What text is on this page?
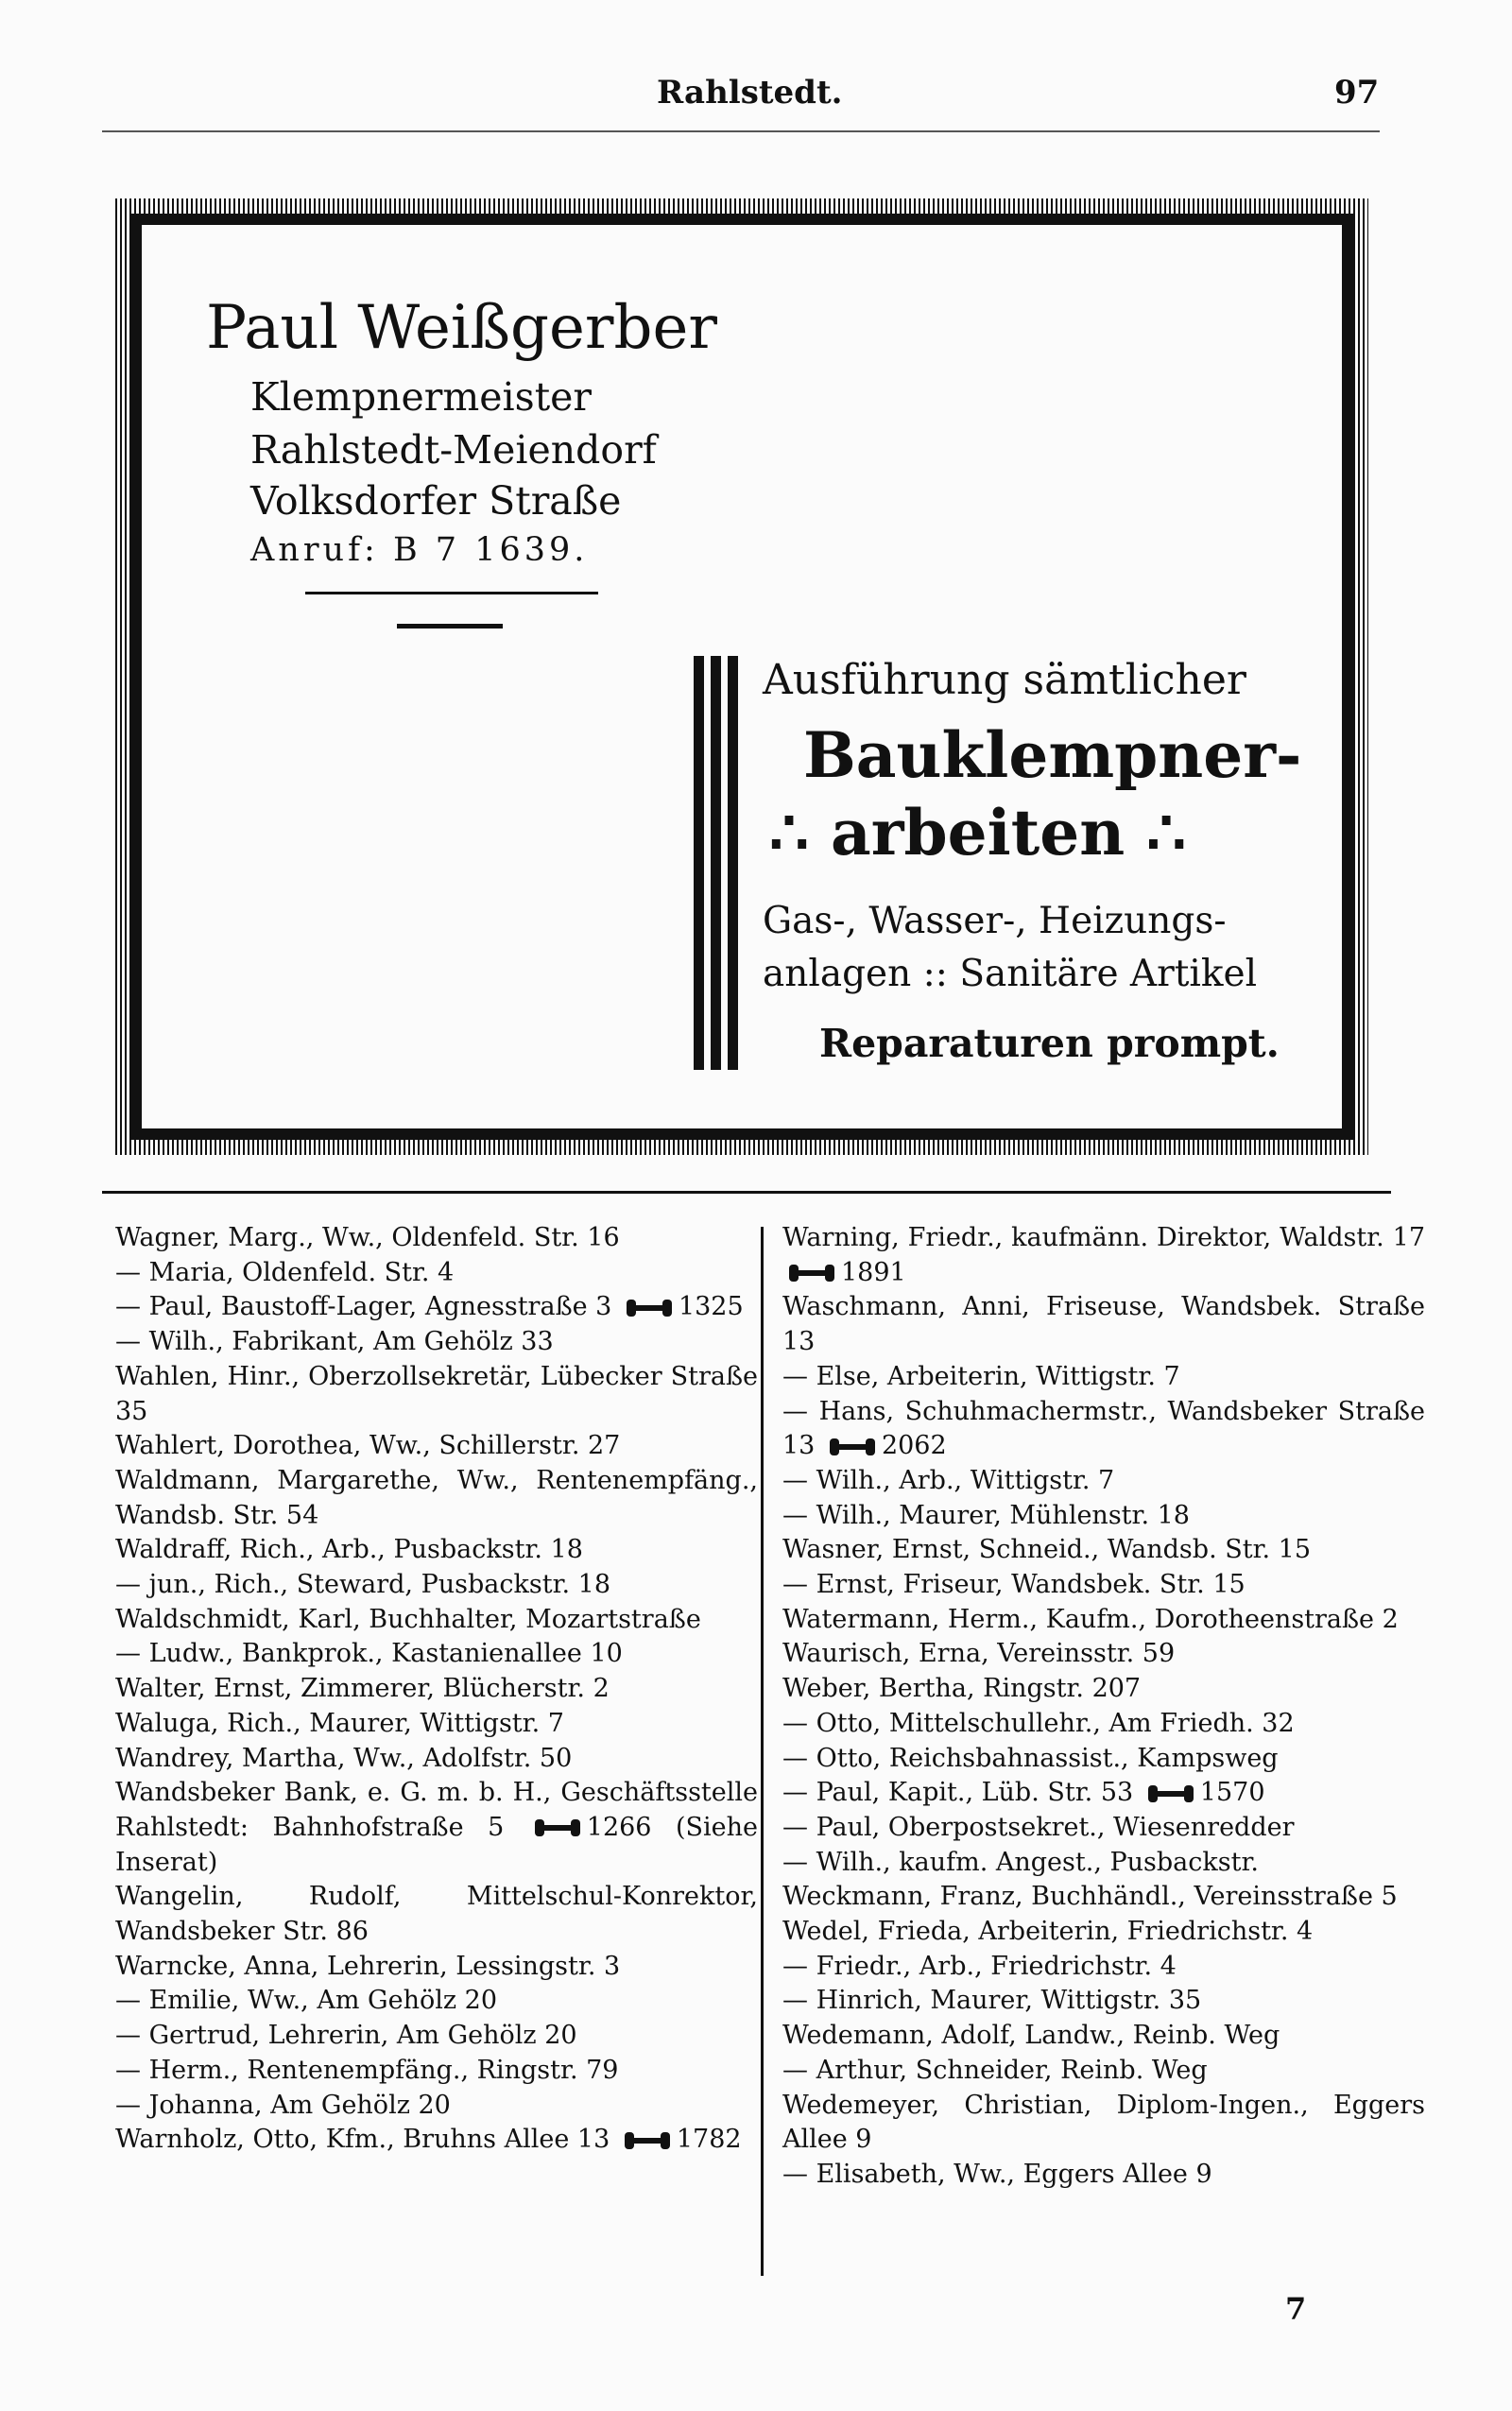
Rahlstedt.	97
Paul Weißgerber
Klempnermeister
Rahlstedt-Meiendorf
Volksdorfer Straße
Anruf: B 7 1639.
Ausführung sämtlicher
Bauklempner-
∴ arbeiten ∴
Gas-, Wasser-, Heizungs-
anlagen :: Sanitäre Artikel
Reparaturen prompt.
Wagner, Marg., Ww., Oldenfeld. Str. 16
— Maria, Oldenfeld. Str. 4
— Paul, Baustoff-Lager, Agnesstraße 3	1325
— Wilh., Fabrikant, Am Gehölz 33
Wahlen, Hinr., Oberzollsekretär, Lübecker Straße 35
Wahlert, Dorothea, Ww., Schillerstr. 27
Waldmann, Margarethe, Ww., Rentenempfäng., Wandsb. Str. 54
Waldraff, Rich., Arb., Pusbackstr. 18
— jun., Rich., Steward, Pusbackstr. 18
Waldschmidt, Karl, Buchhalter, Mozartstraße
— Ludw., Bankprok., Kastanienallee 10
Walter, Ernst, Zimmerer, Blücherstr. 2
Waluga, Rich., Maurer, Wittigstr. 7
Wandrey, Martha, Ww., Adolfstr. 50
Wandsbeker Bank, e. G. m. b. H., Geschäftsstelle Rahlstedt: Bahnhofstraße 5	1266 (Siehe Inserat)
Wangelin, Rudolf, Mittelschul-Konrektor, Wandsbeker Str. 86
Warncke, Anna, Lehrerin, Lessingstr. 3
— Emilie, Ww., Am Gehölz 20
— Gertrud, Lehrerin, Am Gehölz 20
— Herm., Rentenempfäng., Ringstr. 79
— Johanna, Am Gehölz 20
Warnholz, Otto, Kfm., Bruhns Allee 13	1782
Warning, Friedr., kaufmänn. Direktor, Waldstr. 17 1891
Waschmann, Anni, Friseuse, Wandsbek. Straße 13
— Else, Arbeiterin, Wittigstr. 7
— Hans, Schuhmachermstr., Wandsbeker Straße 13	2062
— Wilh., Arb., Wittigstr. 7
— Wilh., Maurer, Mühlenstr. 18
Wasner, Ernst, Schneid., Wandsb. Str. 15
— Ernst, Friseur, Wandsbek. Str. 15
Watermann, Herm., Kaufm., Dorotheenstraße 2
Waurisch, Erna, Vereinsstr. 59
Weber, Bertha, Ringstr. 207
— Otto, Mittelschullehr., Am Friedh. 32
— Otto, Reichsbahnassist., Kampsweg
— Paul, Kapit., Lüb. Str. 53	1570
— Paul, Oberpostsekret., Wiesenredder
— Wilh., kaufm. Angest., Pusbackstr.
Weckmann, Franz, Buchhändl., Vereinsstraße 5
Wedel, Frieda, Arbeiterin, Friedrichstr. 4
— Friedr., Arb., Friedrichstr. 4
— Hinrich, Maurer, Wittigstr. 35
Wedemann, Adolf, Landw., Reinb. Weg
— Arthur, Schneider, Reinb. Weg
Wedemeyer, Christian, Diplom-Ingen., Eggers Allee 9
— Elisabeth, Ww., Eggers Allee 9
7
